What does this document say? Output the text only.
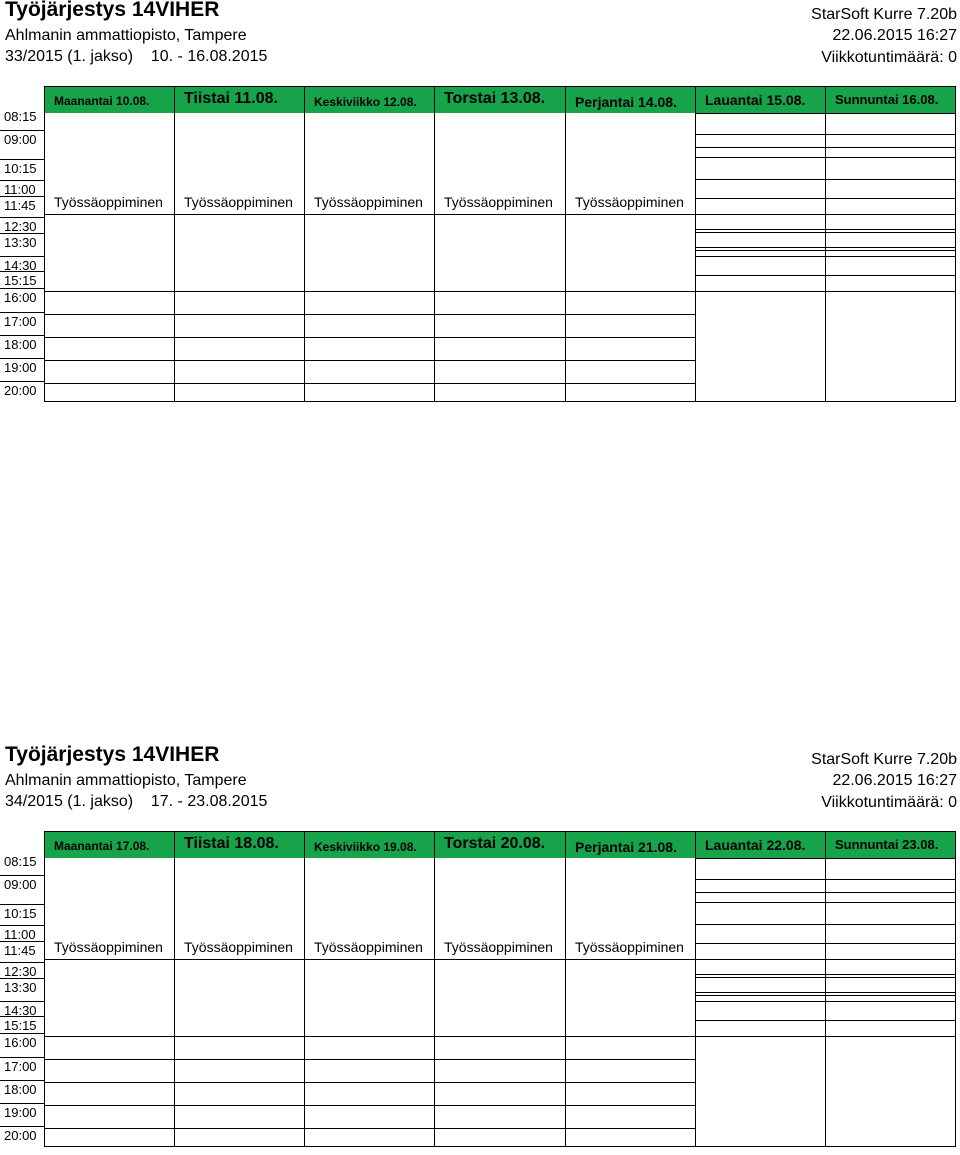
Työjärjestys 14VIHER
Ahlmanin ammattiopisto, Tampere
33/2015 (1. jakso)    10. - 16.08.2015
StarSoft Kurre 7.20b
22.06.2015 16:27
Viikkotuntimäärä: 0
08:15
09:00
10:15
11:00
11:45
12:30
13:30
14:30
15:15
16:00
17:00
18:00
19:00
20:00
Maanantai 10.08.
Työssäoppiminen
Tiistai 11.08.
Työssäoppiminen
Keskiviikko 12.08.
Työssäoppiminen
Torstai 13.08.
Työssäoppiminen
Perjantai 14.08.
Työssäoppiminen
Lauantai 15.08.	Sunnuntai 16.08.
Työjärjestys 14VIHER
Ahlmanin ammattiopisto, Tampere
34/2015 (1. jakso)    17. - 23.08.2015
StarSoft Kurre 7.20b
22.06.2015 16:27
Viikkotuntimäärä: 0
08:15
09:00
10:15
11:00
11:45
12:30
13:30
14:30
15:15
16:00
17:00
18:00
19:00
20:00
Maanantai 17.08.
Työssäoppiminen
Tiistai 18.08.
Työssäoppiminen
Keskiviikko 19.08.
Työssäoppiminen
Torstai 20.08.
Työssäoppiminen
Perjantai 21.08.
Työssäoppiminen
Lauantai 22.08.	Sunnuntai 23.08.
